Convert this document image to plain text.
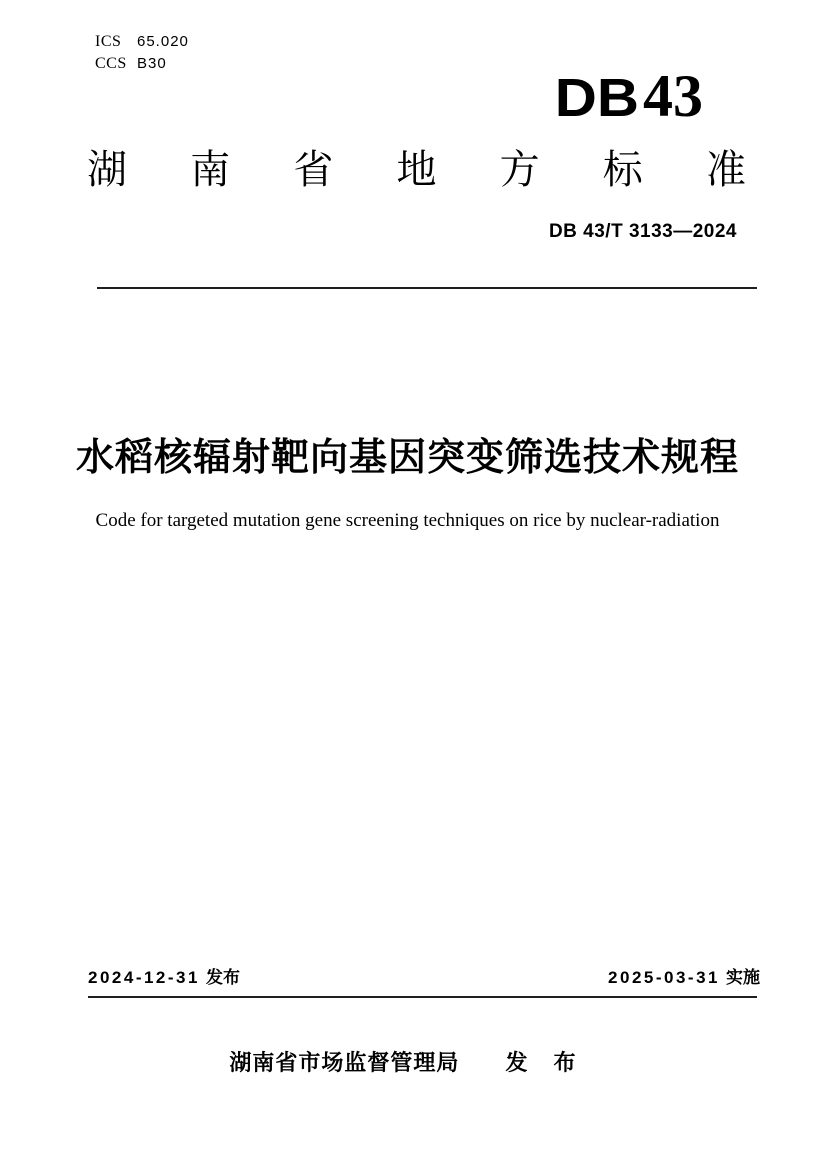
ICS	65.020
CCS B30
DB 43
湖 南 省 地 方 标 准
DB 43/T 3133—2024
水稻核辐射靶向基因突变筛选技术规程
Code for targeted mutation gene screening techniques on rice by nuclear-radiation
2024-12-31 发布	2025-03-31 实施
湖南省市场监督管理局 发 布
